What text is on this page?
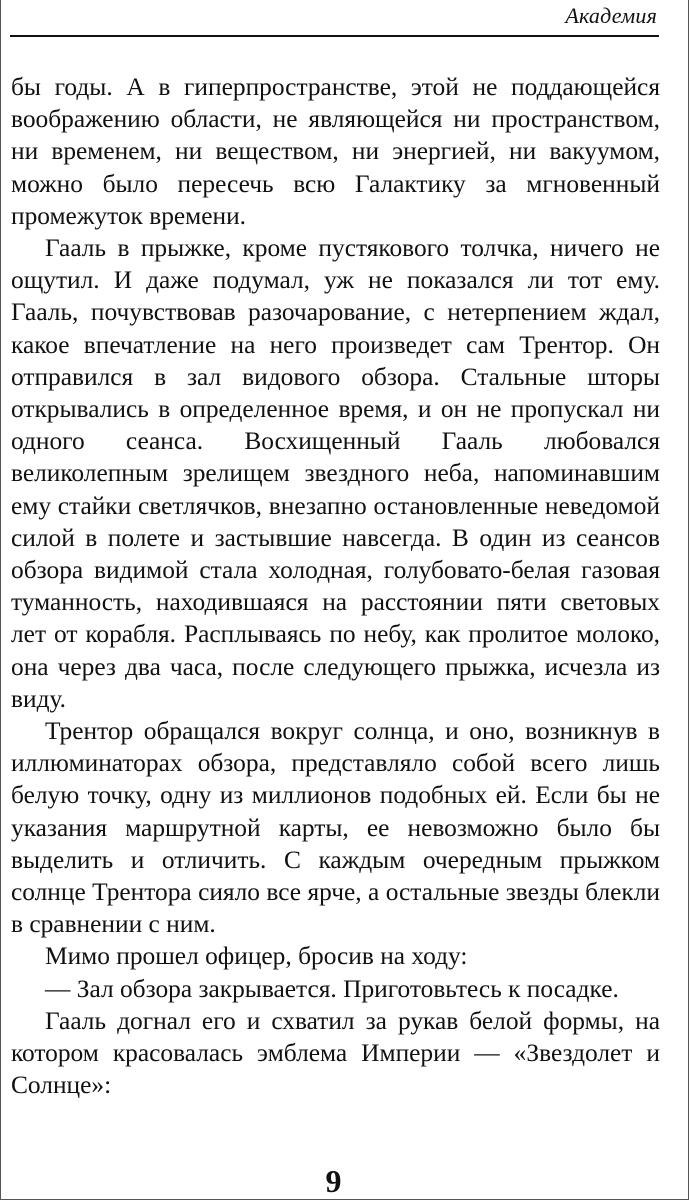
Академия

бы годы. А в гиперпространстве, этой не поддающейся воображению области, не являющейся ни пространством, ни временем, ни веществом, ни энергией, ни вакуумом, можно было пересечь всю Галактику за мгновенный промежуток времени.

Гааль в прыжке, кроме пустякового толчка, ничего не ощутил. И даже подумал, уж не показался ли тот ему. Гааль, почувствовав разочарование, с нетерпением ждал, какое впечатление на него произведет сам Трентор. Он отправился в зал видового обзора. Стальные шторы открывались в определенное время, и он не пропускал ни одного сеанса. Восхищенный Гааль любовался великолепным зрелищем звездного неба, напоминавшим ему стайки светлячков, внезапно остановленные неведомой силой в полете и застывшие навсегда. В один из сеансов обзора видимой стала холодная, голубовато-белая газовая туманность, находившаяся на расстоянии пяти световых лет от корабля. Расплываясь по небу, как пролитое молоко, она через два часа, после следующего прыжка, исчезла из виду.

Трентор обращался вокруг солнца, и оно, возникнув в иллюминаторах обзора, представляло собой всего лишь белую точку, одну из миллионов подобных ей. Если бы не указания маршрутной карты, ее невозможно было бы выделить и отличить. С каждым очередным прыжком солнце Трентора сияло все ярче, а остальные звезды блекли в сравнении с ним.

Мимо прошел офицер, бросив на ходу:

— Зал обзора закрывается. Приготовьтесь к посадке.

Гааль догнал его и схватил за рукав белой формы, на котором красовалась эмблема Империи — «Звездолет и Солнце»:

9
